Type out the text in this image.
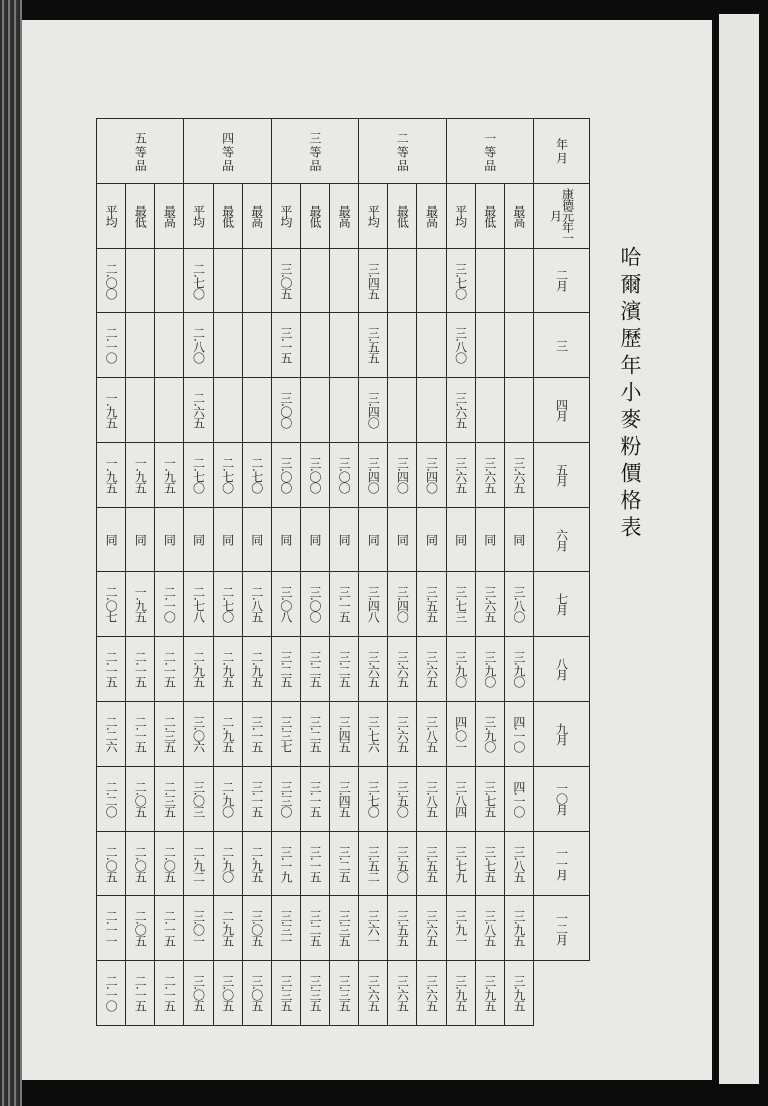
哈爾濱歷年小麥粉價格表
年 月	康德元年一月	二月	三	四月	五月	六月	七月	八月	九月	一〇月	一一月	一二月
一 等 品	最高				三.六五	同	三.八〇	三.九〇	四.一〇	四.一〇	三.八五	三.九五	三.九五
最低				三.六五	同	三.六五	三.九〇	三.九〇	三.七五	三.七五	三.八五	三.九五
平均	三.七〇	三.八〇	三.六五	三.六五	同	三.七三	三.九〇	四.〇一	三.八四	三.七九	三.九一	三.九五
二 等 品	最高				三.四〇	同	三.五五	三.六五	三.八五	三.八五	三.五五	三.六五	三.六五
最低				三.四〇	同	三.四〇	三.六五	三.六五	三.五〇	三.五〇	三.五五	三.六五
平均	三.四五	三.五五	三.四〇	三.四〇	同	三.四八	三.六五	三.七六	三.七〇	三.五二	三.六一	三.六五
三 等 品	最高				三.〇〇	同	三.一五	三.二五	三.四五	三.四五	三.二五	三.三五	三.三五
最低				三.〇〇	同	三.〇〇	三.二五	三.二五	三.一五	三.一五	三.二五	三.三五
平均	三.〇五	三.一五	三.〇〇	三.〇〇	同	三.〇八	三.二五	三.三七	三.三〇	三.一九	三.三一	三.三五
四 等 品	最高				二.七〇	同	二.八五	二.九五	三.一五	三.一五	二.九五	三.〇五	三.〇五
最低				二.七〇	同	二.七〇	二.九五	二.九五	二.九〇	二.九〇	二.九五	三.〇五
平均	二.七〇	二.八〇	二.六五	二.七〇	同	二.七八	二.九五	三.〇六	三.〇三	二.九二	三.〇一	三.〇五
五 等 品	最高				一.九五	同	二.一〇	二.一五	二.三五	二.三五	二.〇五	二.一五	二.一五
最低				一.九五	同	一.九五	二.一五	二.一五	二.〇五	二.〇五	二.〇五	二.一五
平均	二.〇〇	二.一〇	一.九五	一.九五	同	二.〇七	二.一五	二.二六	二.二〇	二.〇五	二.一一	二.一〇
